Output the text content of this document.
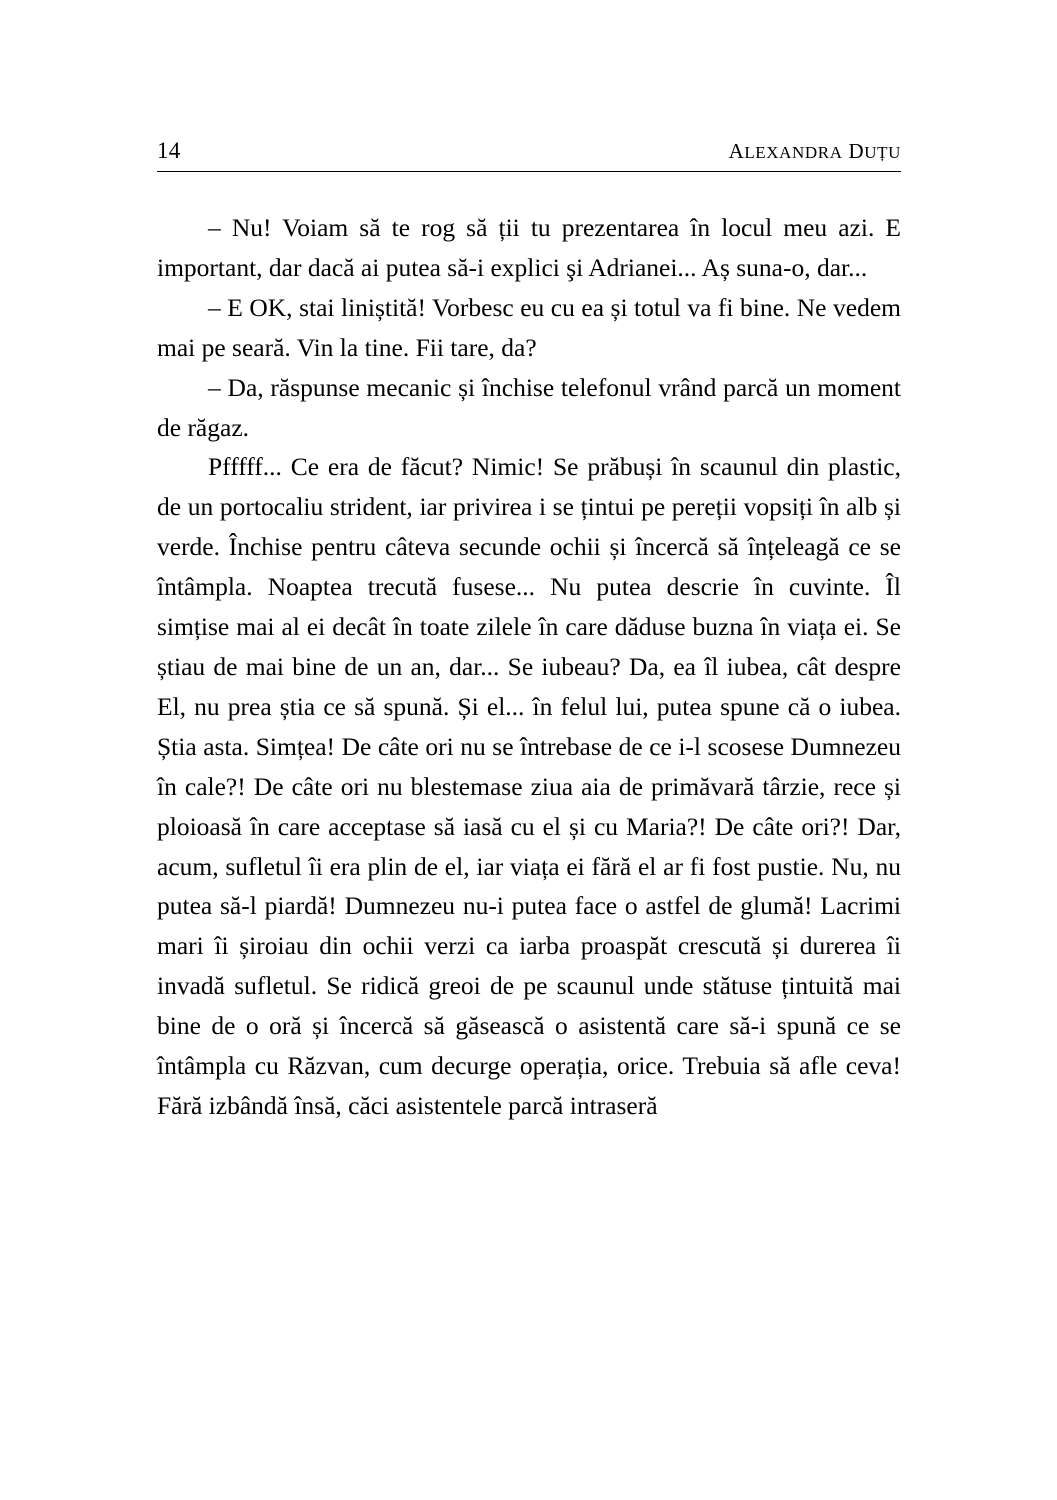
14	ALEXANDRA DUȚU

– Nu! Voiam să te rog să ții tu prezentarea în locul meu azi. E important, dar dacă ai putea să-i explici şi Adrianei... Aș suna-o, dar...

– E OK, stai liniștită! Vorbesc eu cu ea și totul va fi bine. Ne vedem mai pe seară. Vin la tine. Fii tare, da?

– Da, răspunse mecanic și închise telefonul vrând parcă un moment de răgaz.

Pfffff... Ce era de făcut? Nimic! Se prăbuși în scaunul din plastic, de un portocaliu strident, iar privirea i se țintui pe pereții vopsiți în alb și verde. Închise pentru câteva secunde ochii și încercă să înțeleagă ce se întâmpla. Noaptea trecută fusese... Nu putea descrie în cuvinte. Îl simțise mai al ei decât în toate zilele în care dăduse buzna în viața ei. Se știau de mai bine de un an, dar... Se iubeau? Da, ea îl iubea, cât despre El, nu prea știa ce să spună. Și el... în felul lui, putea spune că o iubea. Știa asta. Simțea! De câte ori nu se întrebase de ce i-l scosese Dumnezeu în cale?! De câte ori nu blestemase ziua aia de primăvară târzie, rece și ploioasă în care acceptase să iasă cu el și cu Maria?! De câte ori?! Dar, acum, sufletul îi era plin de el, iar viața ei fără el ar fi fost pustie. Nu, nu putea să-l piardă! Dumnezeu nu-i putea face o astfel de glumă! Lacrimi mari îi șiroiau din ochii verzi ca iarba proaspăt crescută și durerea îi invadă sufletul. Se ridică greoi de pe scaunul unde stătuse țintuită mai bine de o oră și încercă să găsească o asistentă care să-i spună ce se întâmpla cu Răzvan, cum decurge operația, orice. Trebuia să afle ceva! Fără izbândă însă, căci asistentele parcă intraseră
